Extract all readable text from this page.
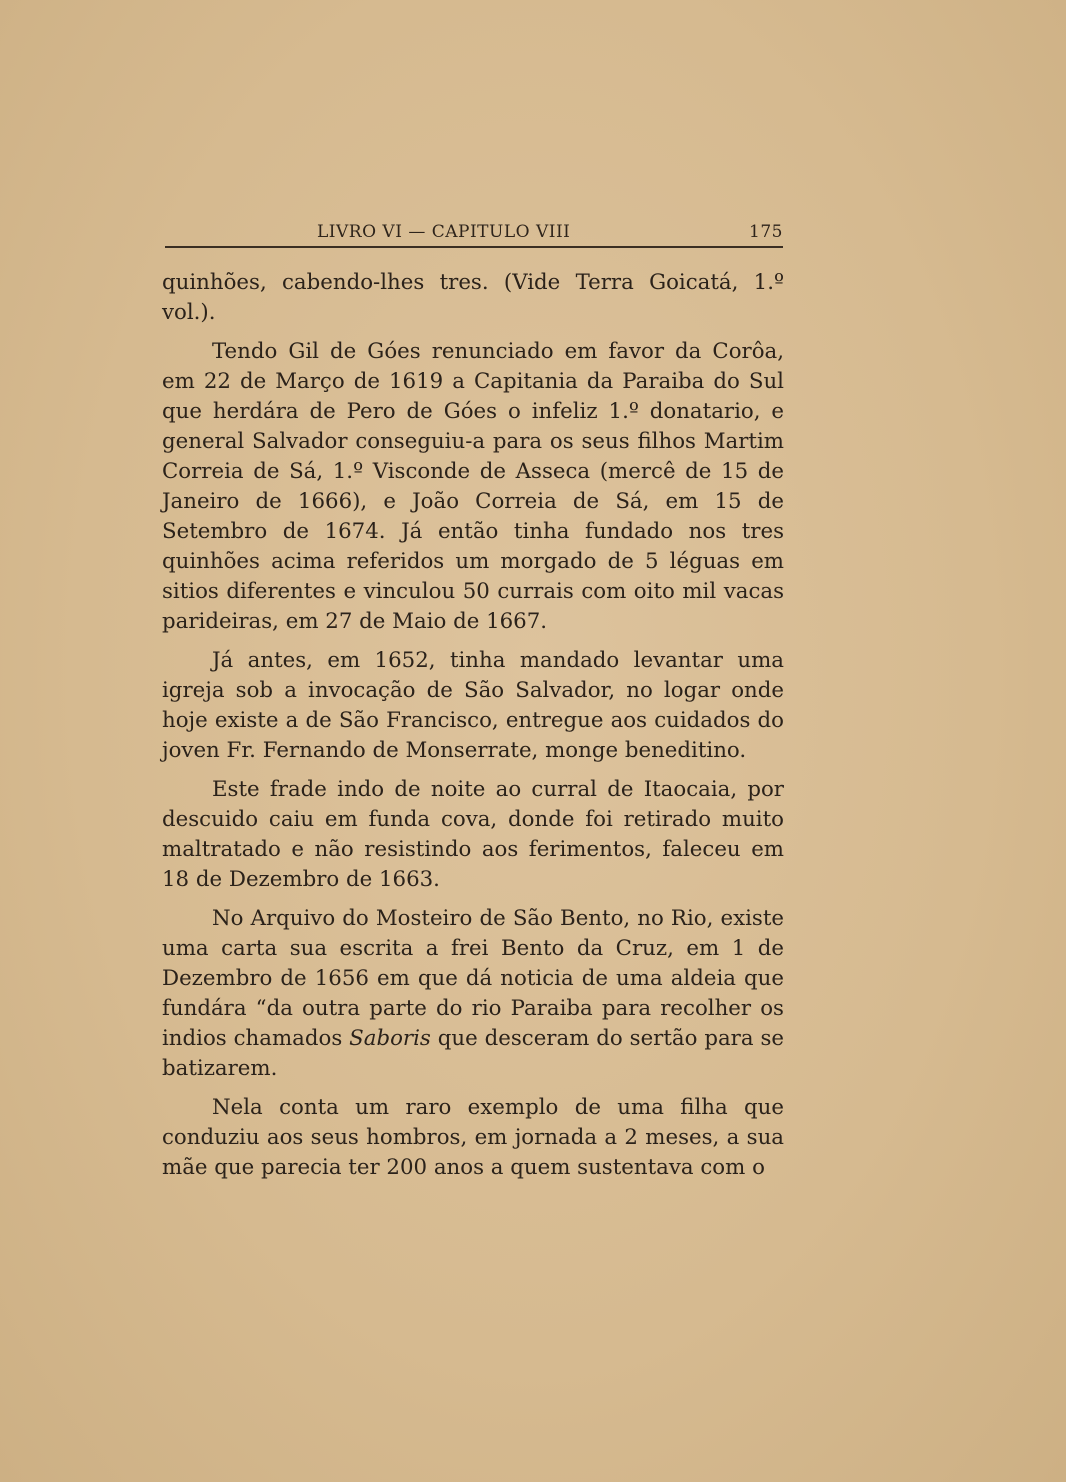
LIVRO VI — CAPITULO VIII	175

quinhões, cabendo-lhes tres. (Vide Terra Goicatá, 1.º vol.).

Tendo Gil de Góes renunciado em favor da Corôa, em 22 de Março de 1619 a Capitania da Paraiba do Sul que herdára de Pero de Góes o infeliz 1.º donatario, e general Salvador conseguiu-a para os seus filhos Martim Correia de Sá, 1.º Visconde de Asseca (mercê de 15 de Janeiro de 1666), e João Correia de Sá, em 15 de Setembro de 1674. Já então tinha fundado nos tres quinhões acima referidos um morgado de 5 léguas em sitios diferentes e vinculou 50 currais com oito mil vacas parideiras, em 27 de Maio de 1667.

Já antes, em 1652, tinha mandado levantar uma igreja sob a invocação de São Salvador, no logar onde hoje existe a de São Francisco, entregue aos cuidados do joven Fr. Fernando de Monserrate, monge beneditino.

Este frade indo de noite ao curral de Itaocaia, por descuido caiu em funda cova, donde foi retirado muito maltratado e não resistindo aos ferimentos, faleceu em 18 de Dezembro de 1663.

No Arquivo do Mosteiro de São Bento, no Rio, existe uma carta sua escrita a frei Bento da Cruz, em 1 de Dezembro de 1656 em que dá noticia de uma aldeia que fundára “da outra parte do rio Paraiba para recolher os indios chamados Saboris que desceram do sertão para se batizarem.

Nela conta um raro exemplo de uma filha que conduziu aos seus hombros, em jornada a 2 meses, a sua mãe que parecia ter 200 anos a quem sustentava com o
